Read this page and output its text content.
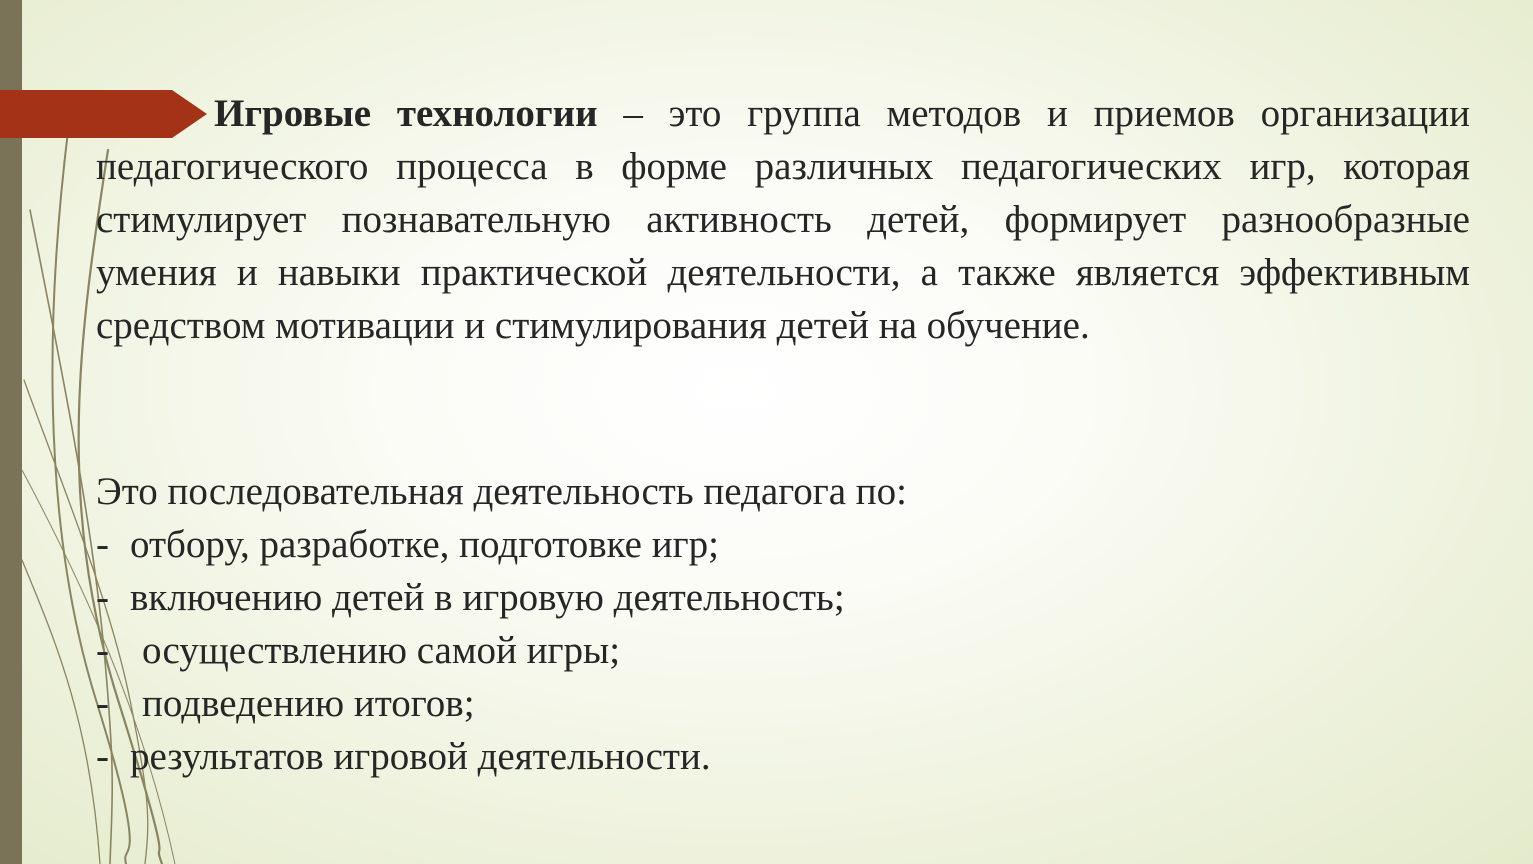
Игровые технологии – это группа методов и приемов организации педагогического процесса в форме различных педагогических игр, которая стимулирует познавательную активность детей, формирует разнообразные умения и навыки практической деятельности, а также является эффективным средством мотивации и стимулирования детей на обучение.
Это последовательная деятельность педагога по:
- отбору, разработке, подготовке игр;
- включению детей в игровую деятельность;
- осуществлению самой игры;
- подведению итогов;
- результатов игровой деятельности.
